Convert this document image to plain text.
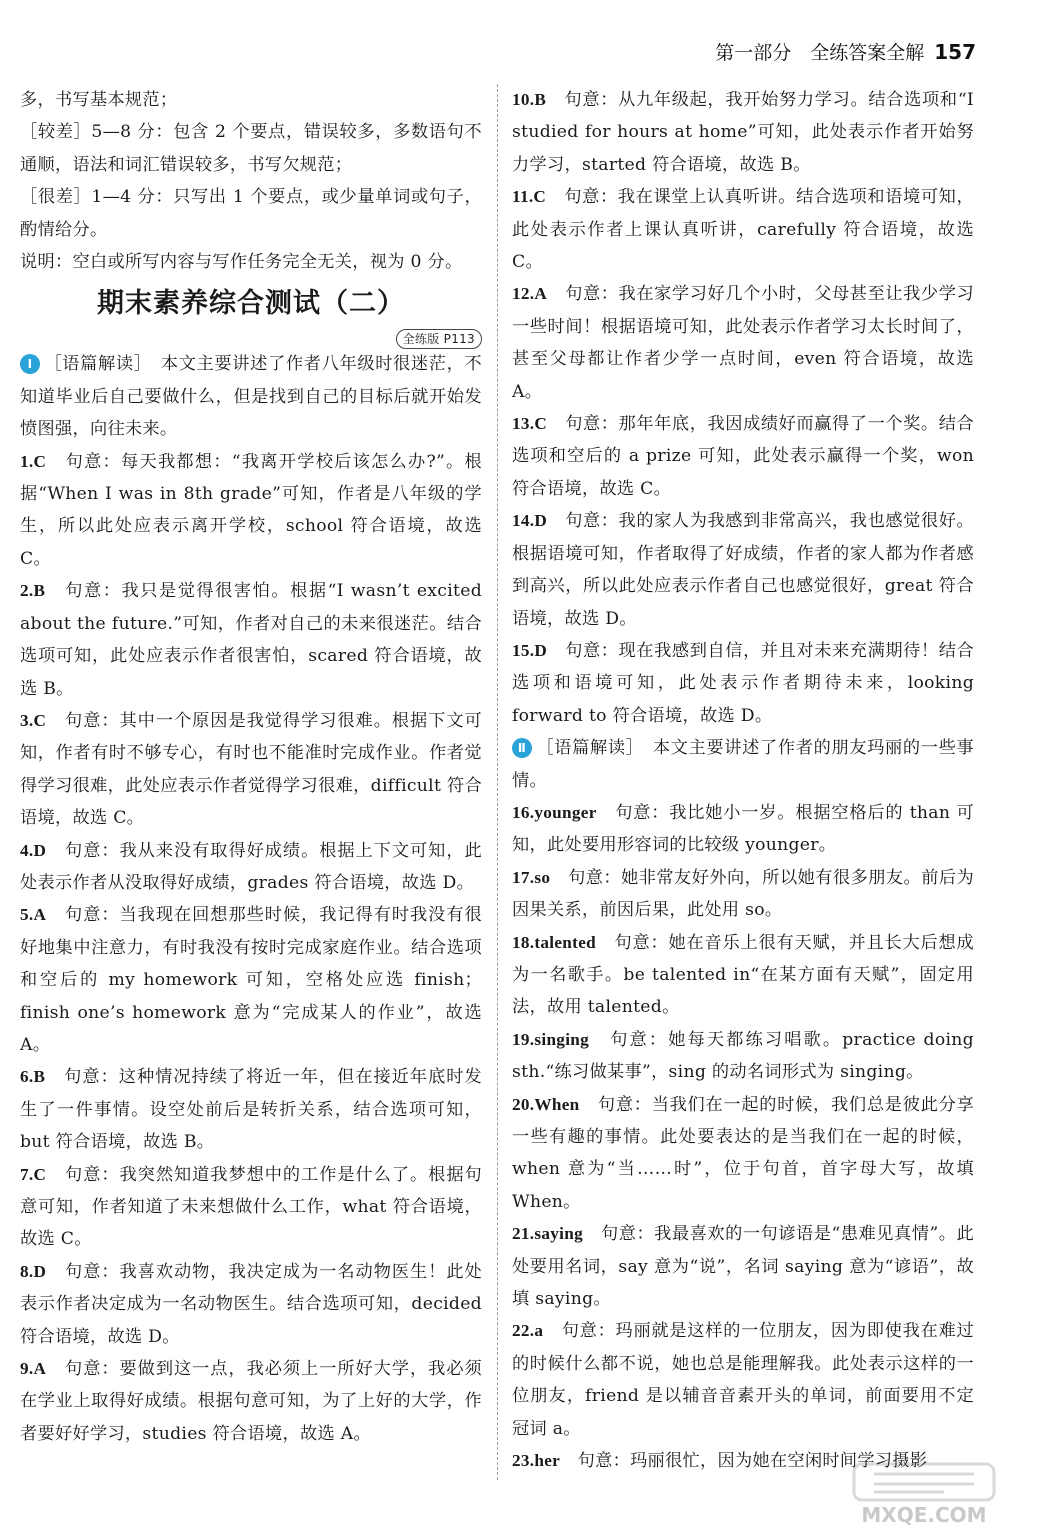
第一部分　全练答案全解 157

多，书写基本规范；

［较差］5—8 分：包含 2 个要点，错误较多，多数语句不通顺，语法和词汇错误较多，书写欠规范；

［很差］1—4 分：只写出 1 个要点，或少量单词或句子，酌情给分。

说明：空白或所写内容与写作任务完全无关，视为 0 分。

期末素养综合测试（二）
全练版 P113

Ⅰ ［语篇解读］　本文主要讲述了作者八年级时很迷茫，不知道毕业后自己要做什么，但是找到自己的目标后就开始发愤图强，向往未来。

1.C　 句意：每天我都想：“我离开学校后该怎么办?”。根据“When I was in 8th grade”可知，作者是八年级的学生，所以此处应表示离开学校，school 符合语境，故选 C。

2.B　 句意：我只是觉得很害怕。根据“I wasn’t excited about the future.”可知，作者对自己的未来很迷茫。结合选项可知，此处应表示作者很害怕，scared 符合语境，故选 B。

3.C　 句意：其中一个原因是我觉得学习很难。根据下文可知，作者有时不够专心，有时也不能准时完成作业。作者觉得学习很难，此处应表示作者觉得学习很难，difficult 符合语境，故选 C。

4.D　 句意：我从来没有取得好成绩。根据上下文可知，此处表示作者从没取得好成绩，grades 符合语境，故选 D。

5.A　 句意：当我现在回想那些时候，我记得有时我没有很好地集中注意力，有时我没有按时完成家庭作业。结合选项和空后的 my homework 可知，空格处应选 finish；finish one’s homework 意为“完成某人的作业”，故选 A。

6.B　 句意：这种情况持续了将近一年，但在接近年底时发生了一件事情。设空处前后是转折关系，结合选项可知，but 符合语境，故选 B。

7.C　 句意：我突然知道我梦想中的工作是什么了。根据句意可知，作者知道了未来想做什么工作，what 符合语境，故选 C。

8.D　 句意：我喜欢动物，我决定成为一名动物医生！此处表示作者决定成为一名动物医生。结合选项可知，decided 符合语境，故选 D。

9.A　 句意：要做到这一点，我必须上一所好大学，我必须在学业上取得好成绩。根据句意可知，为了上好的大学，作者要好好学习，studies 符合语境，故选 A。

10.B　 句意：从九年级起，我开始努力学习。结合选项和“I studied for hours at home”可知，此处表示作者开始努力学习，started 符合语境，故选 B。

11.C　 句意：我在课堂上认真听讲。结合选项和语境可知，此处表示作者上课认真听讲，carefully 符合语境，故选 C。

12.A　 句意：我在家学习好几个小时，父母甚至让我少学习一些时间！根据语境可知，此处表示作者学习太长时间了，甚至父母都让作者少学一点时间，even 符合语境，故选 A。

13.C　 句意：那年年底，我因成绩好而赢得了一个奖。结合选项和空后的 a prize 可知，此处表示赢得一个奖，won 符合语境，故选 C。

14.D　 句意：我的家人为我感到非常高兴，我也感觉很好。根据语境可知，作者取得了好成绩，作者的家人都为作者感到高兴，所以此处应表示作者自己也感觉很好，great 符合语境，故选 D。

15.D　 句意：现在我感到自信，并且对未来充满期待！结合选项和语境可知，此处表示作者期待未来，looking forward to 符合语境，故选 D。

Ⅱ ［语篇解读］　本文主要讲述了作者的朋友玛丽的一些事情。

16.younger　 句意：我比她小一岁。根据空格后的 than 可知，此处要用形容词的比较级 younger。

17.so　 句意：她非常友好外向，所以她有很多朋友。前后为因果关系，前因后果，此处用 so。

18.talented　 句意：她在音乐上很有天赋，并且长大后想成为一名歌手。be talented in“在某方面有天赋”，固定用法，故用 talented。

19.singing　 句意：她每天都练习唱歌。practice doing sth.“练习做某事”，sing 的动名词形式为 singing。

20.When　 句意：当我们在一起的时候，我们总是彼此分享一些有趣的事情。此处要表达的是当我们在一起的时候，when 意为“当……时”，位于句首，首字母大写，故填 When。

21.saying　 句意：我最喜欢的一句谚语是“患难见真情”。此处要用名词，say 意为“说”，名词 saying 意为“谚语”，故填 saying。

22.a　 句意：玛丽就是这样的一位朋友，因为即使我在难过的时候什么都不说，她也总是能理解我。此处表示这样的一位朋友，friend 是以辅音音素开头的单词，前面要用不定冠词 a。

23.her　 句意：玛丽很忙，因为她在空闲时间学习摄影

MXQE.COM
